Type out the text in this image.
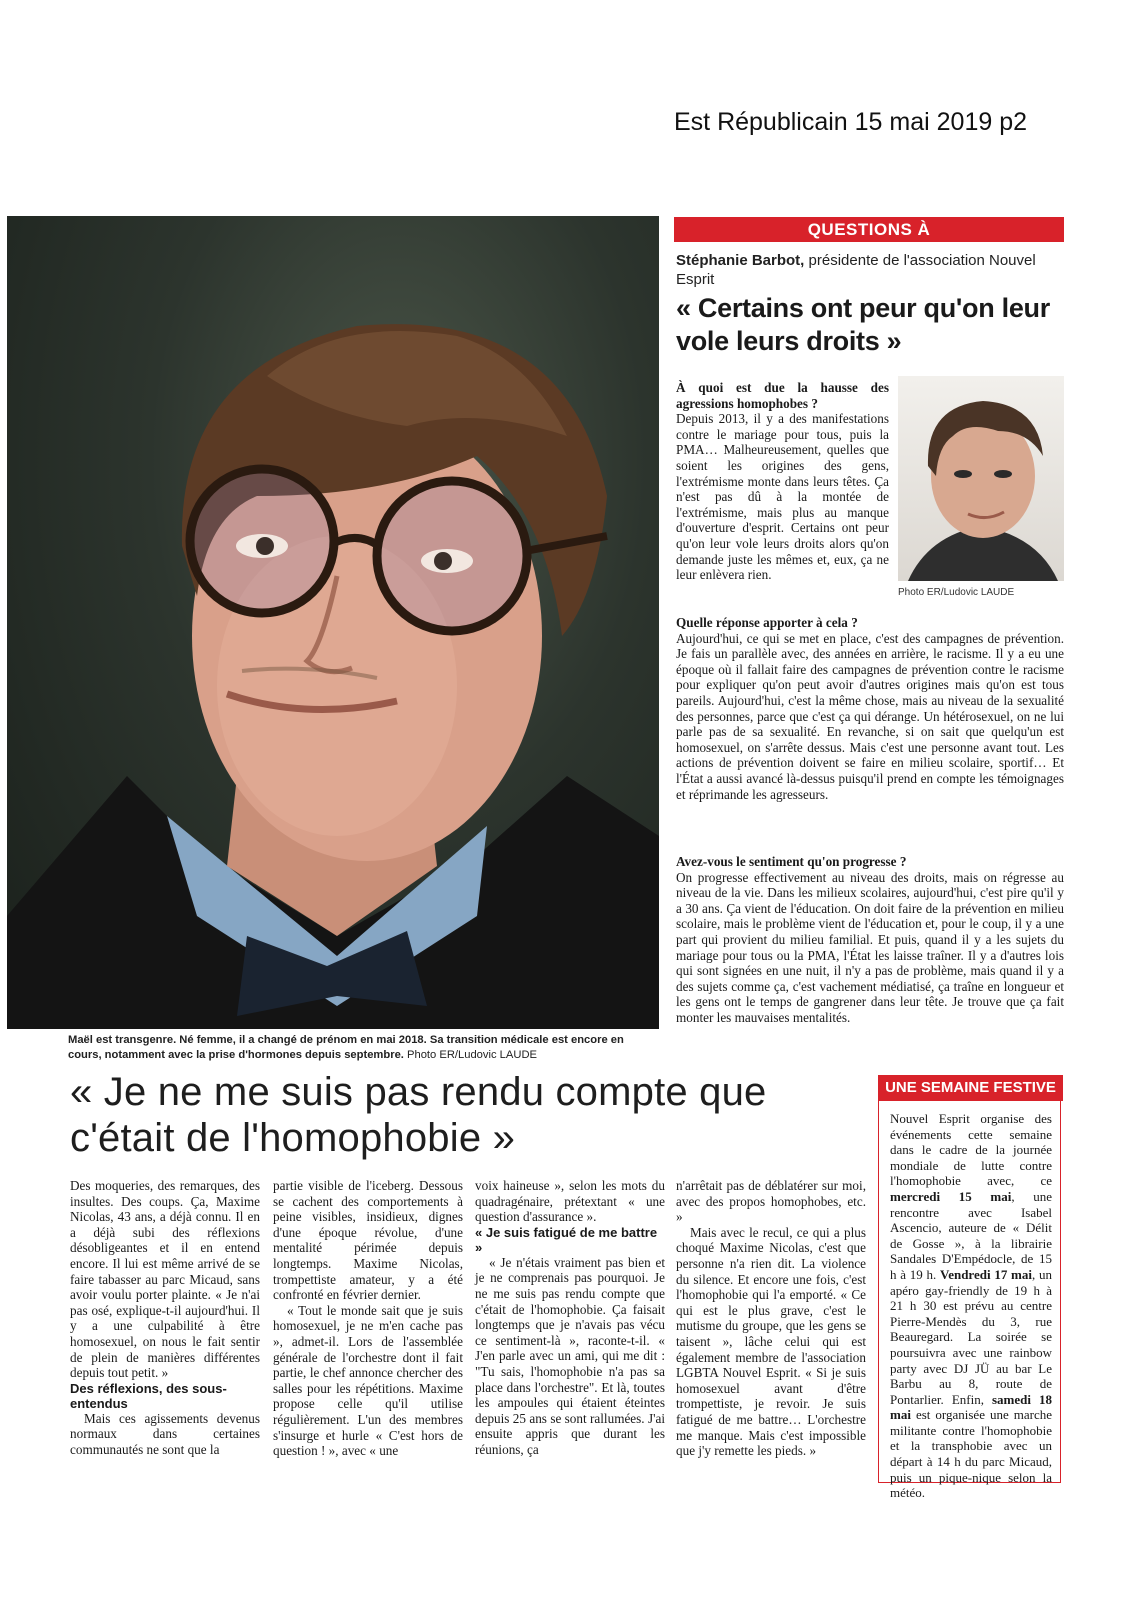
Est Républicain 15 mai 2019 p2
Maël est transgenre. Né femme, il a changé de prénom en mai 2018. Sa transition médicale est encore en cours, notamment avec la prise d'hormones depuis septembre. Photo ER/Ludovic LAUDE
QUESTIONS À
Stéphanie Barbot, présidente de l'association Nouvel Esprit
« Certains ont peur qu'on leur vole leurs droits »

À quoi est due la hausse des agressions homophobes ?

Depuis 2013, il y a des manifestations contre le mariage pour tous, puis la PMA… Malheureusement, quelles que soient les origines des gens, l'extrémisme monte dans leurs têtes. Ça n'est pas dû à la montée de l'extrémisme, mais plus au manque d'ouverture d'esprit. Certains ont peur qu'on leur vole leurs droits alors qu'on demande juste les mêmes et, eux, ça ne leur enlèvera rien.

Photo ER/Ludovic LAUDE

Quelle réponse apporter à cela ?

Aujourd'hui, ce qui se met en place, c'est des campagnes de prévention. Je fais un parallèle avec, des années en arrière, le racisme. Il y a eu une époque où il fallait faire des campagnes de prévention contre le racisme pour expliquer qu'on peut avoir d'autres origines mais qu'on est tous pareils. Aujourd'hui, c'est la même chose, mais au niveau de la sexualité des personnes, parce que c'est ça qui dérange. Un hétérosexuel, on ne lui parle pas de sa sexualité. En revanche, si on sait que quelqu'un est homosexuel, on s'arrête dessus. Mais c'est une personne avant tout. Les actions de prévention doivent se faire en milieu scolaire, sportif… Et l'État a aussi avancé là-dessus puisqu'il prend en compte les témoignages et réprimande les agresseurs.

Avez-vous le sentiment qu'on progresse ?

On progresse effectivement au niveau des droits, mais on régresse au niveau de la vie. Dans les milieux scolaires, aujourd'hui, c'est pire qu'il y a 30 ans. Ça vient de l'éducation. On doit faire de la prévention en milieu scolaire, mais le problème vient de l'éducation et, pour le coup, il y a une part qui provient du milieu familial. Et puis, quand il y a les sujets du mariage pour tous ou la PMA, l'État les laisse traîner. Il y a d'autres lois qui sont signées en une nuit, il n'y a pas de problème, mais quand il y a des sujets comme ça, c'est vachement médiatisé, ça traîne en longueur et les gens ont le temps de gangrener dans leur tête. Je trouve que ça fait monter les mauvaises mentalités.

« Je ne me suis pas rendu compte que c'était de l'homophobie »

Des moqueries, des remarques, des insultes. Des coups. Ça, Maxime Nicolas, 43 ans, a déjà connu. Il en a déjà subi des réflexions désobligeantes et il en entend encore. Il lui est même arrivé de se faire tabasser au parc Micaud, sans avoir voulu porter plainte. « Je n'ai pas osé, explique-t-il aujourd'hui. Il y a une culpabilité à être homosexuel, on nous le fait sentir de plein de manières différentes depuis tout petit. »

Des réflexions, des sous-entendus

Mais ces agissements devenus normaux dans certaines communautés ne sont que la

partie visible de l'iceberg. Dessous se cachent des comportements à peine visibles, insidieux, dignes d'une époque révolue, d'une mentalité périmée depuis longtemps. Maxime Nicolas, trompettiste amateur, y a été confronté en février dernier.

« Tout le monde sait que je suis homosexuel, je ne m'en cache pas », admet-il. Lors de l'assemblée générale de l'orchestre dont il fait partie, le chef annonce chercher des salles pour les répétitions. Maxime propose celle qu'il utilise régulièrement. L'un des membres s'insurge et hurle « C'est hors de question ! », avec « une

voix haineuse », selon les mots du quadragénaire, prétextant « une question d'assurance ».

« Je suis fatigué de me battre »

« Je n'étais vraiment pas bien et je ne comprenais pas pourquoi. Je ne me suis pas rendu compte que c'était de l'homophobie. Ça faisait longtemps que je n'avais pas vécu ce sentiment-là », raconte-t-il. « J'en parle avec un ami, qui me dit : "Tu sais, l'homophobie n'a pas sa place dans l'orchestre". Et là, toutes les ampoules qui étaient éteintes depuis 25 ans se sont rallumées. J'ai ensuite appris que durant les réunions, ça

n'arrêtait pas de déblatérer sur moi, avec des propos homophobes, etc. »

Mais avec le recul, ce qui a plus choqué Maxime Nicolas, c'est que personne n'a rien dit. La violence du silence. Et encore une fois, c'est l'homophobie qui l'a emporté. « Ce qui est le plus grave, c'est le mutisme du groupe, que les gens se taisent », lâche celui qui est également membre de l'association LGBTA Nouvel Esprit. « Si je suis homosexuel avant d'être trompettiste, je revoir. Je suis fatigué de me battre… L'orchestre me manque. Mais c'est impossible que j'y remette les pieds. »

UNE SEMAINE FESTIVE
Nouvel Esprit organise des événements cette semaine dans le cadre de la journée mondiale de lutte contre l'homophobie avec, ce mercredi 15 mai, une rencontre avec Isabel Ascencio, auteure de « Délit de Gosse », à la librairie Sandales D'Empédocle, de 15 h à 19 h. Vendredi 17 mai, un apéro gay-friendly de 19 h à 21 h 30 est prévu au centre Pierre-Mendès du 3, rue Beauregard. La soirée se poursuivra avec une rainbow party avec DJ JÜ au bar Le Barbu au 8, route de Pontarlier. Enfin, samedi 18 mai est organisée une marche militante contre l'homophobie et la transphobie avec un départ à 14 h du parc Micaud, puis un pique-nique selon la météo.
